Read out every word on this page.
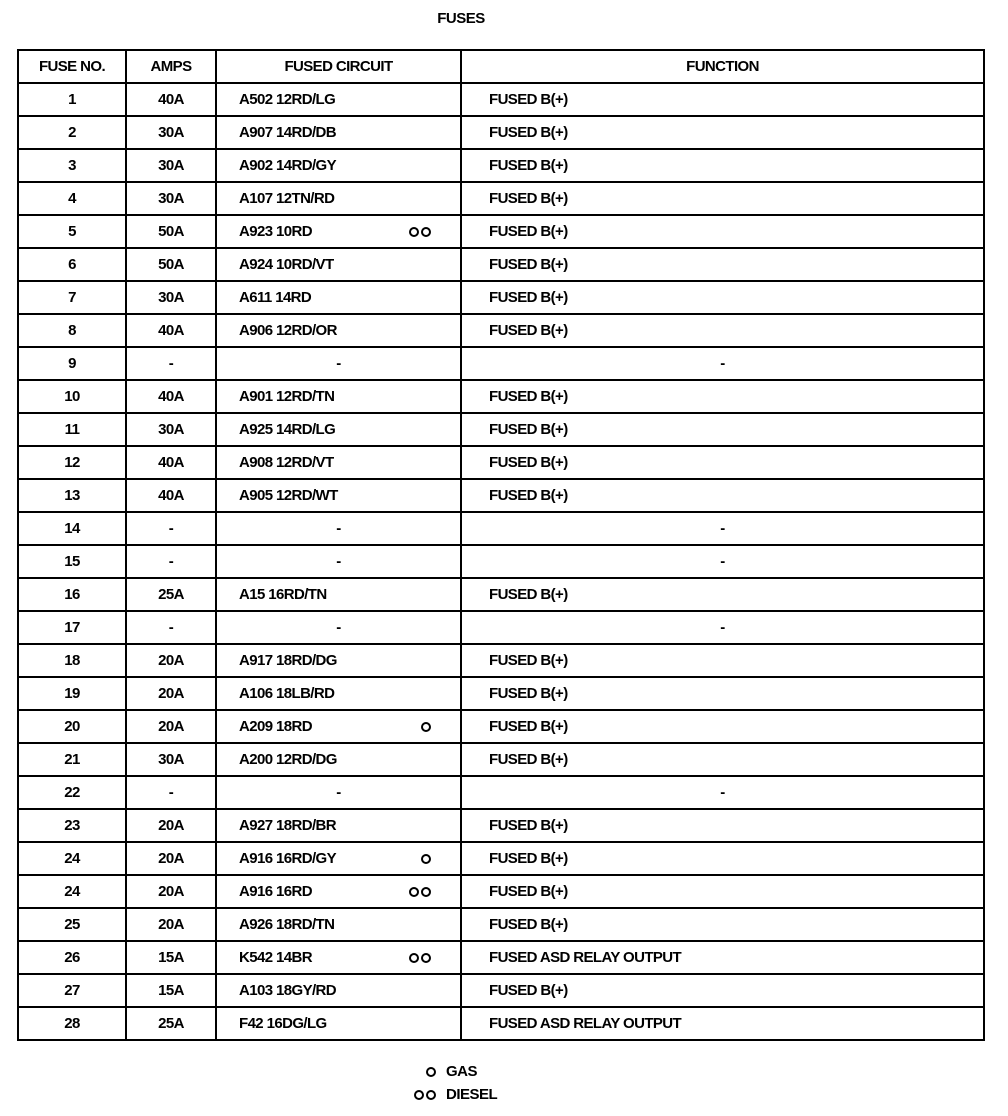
FUSES
FUSE NO.	AMPS	FUSED CIRCUIT	FUNCTION
1	40A	A502 12RD/LG	FUSED B(+)
2	30A	A907 14RD/DB	FUSED B(+)
3	30A	A902 14RD/GY	FUSED B(+)
4	30A	A107 12TN/RD	FUSED B(+)
5	50A	A923 10RD	FUSED B(+)
6	50A	A924 10RD/VT	FUSED B(+)
7	30A	A611 14RD	FUSED B(+)
8	40A	A906 12RD/OR	FUSED B(+)
9	-	-	-
10	40A	A901 12RD/TN	FUSED B(+)
11	30A	A925 14RD/LG	FUSED B(+)
12	40A	A908 12RD/VT	FUSED B(+)
13	40A	A905 12RD/WT	FUSED B(+)
14	-	-	-
15	-	-	-
16	25A	A15 16RD/TN	FUSED B(+)
17	-	-	-
18	20A	A917 18RD/DG	FUSED B(+)
19	20A	A106 18LB/RD	FUSED B(+)
20	20A	A209 18RD	FUSED B(+)
21	30A	A200 12RD/DG	FUSED B(+)
22	-	-	-
23	20A	A927 18RD/BR	FUSED B(+)
24	20A	A916 16RD/GY	FUSED B(+)
24	20A	A916 16RD	FUSED B(+)
25	20A	A926 18RD/TN	FUSED B(+)
26	15A	K542 14BR	FUSED ASD RELAY OUTPUT
27	15A	A103 18GY/RD	FUSED B(+)
28	25A	F42 16DG/LG	FUSED ASD RELAY OUTPUT
GAS
DIESEL
